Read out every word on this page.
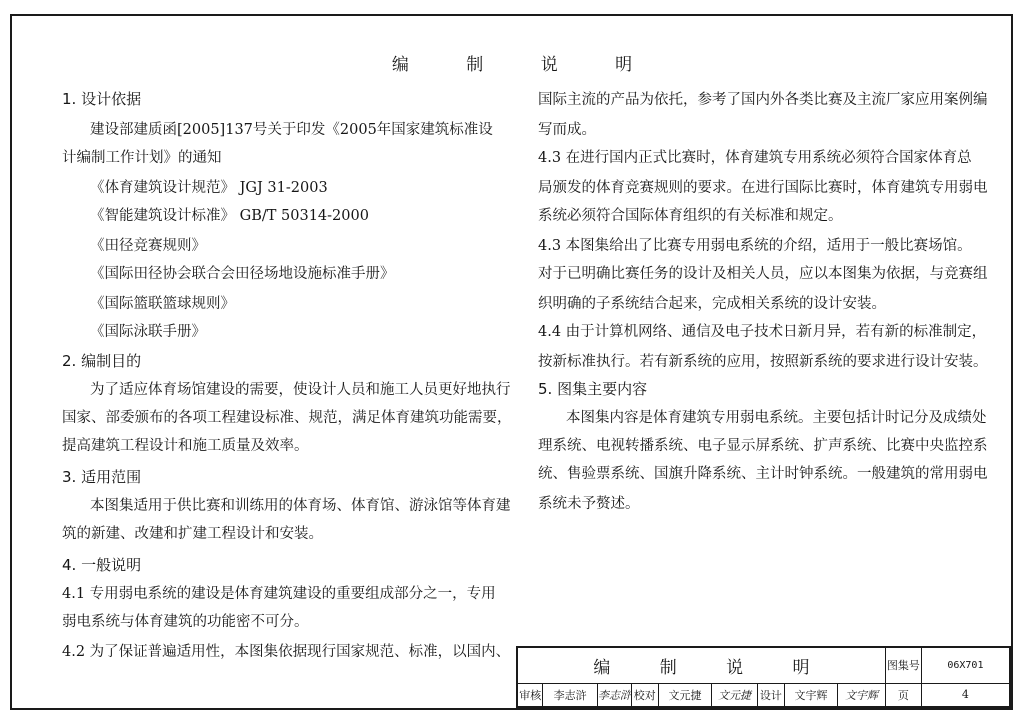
编 制 说 明
1. 设计依据
建设部建质函[2005]137号关于印发《2005年国家建筑标准设
计编制工作计划》的通知
《体育建筑设计规范》 JGJ 31-2003
《智能建筑设计标准》 GB/T 50314-2000
《田径竞赛规则》
《国际田径协会联合会田径场地设施标准手册》
《国际篮联篮球规则》
《国际泳联手册》
2. 编制目的
为了适应体育场馆建设的需要，使设计人员和施工人员更好地执行
国家、部委颁布的各项工程建设标准、规范，满足体育建筑功能需要，
提高建筑工程设计和施工质量及效率。
3. 适用范围
本图集适用于供比赛和训练用的体育场、体育馆、游泳馆等体育建
筑的新建、改建和扩建工程设计和安装。
4. 一般说明
4.1 专用弱电系统的建设是体育建筑建设的重要组成部分之一，专用
弱电系统与体育建筑的功能密不可分。
4.2 为了保证普遍适用性，本图集依据现行国家规范、标准，以国内、
国际主流的产品为依托，参考了国内外各类比赛及主流厂家应用案例编
写而成。
4.3 在进行国内正式比赛时，体育建筑专用系统必须符合国家体育总
局颁发的体育竞赛规则的要求。在进行国际比赛时，体育建筑专用弱电
系统必须符合国际体育组织的有关标准和规定。
4.3 本图集给出了比赛专用弱电系统的介绍，适用于一般比赛场馆。
对于已明确比赛任务的设计及相关人员，应以本图集为依据，与竞赛组
织明确的子系统结合起来，完成相关系统的设计安装。
4.4 由于计算机网络、通信及电子技术日新月异，若有新的标准制定，
按新标准执行。若有新系统的应用，按照新系统的要求进行设计安装。
5. 图集主要内容
本图集内容是体育建筑专用弱电系统。主要包括计时记分及成绩处
理系统、电视转播系统、电子显示屏系统、扩声系统、比赛中央监控系
统、售验票系统、国旗升降系统、主计时钟系统。一般建筑的常用弱电
系统未予赘述。
编 制 说 明									图集号	06X701
审核	李志浒	李志浒	校对	文元捷	文元捷	设计	文宇辉	文宇辉	页	4
